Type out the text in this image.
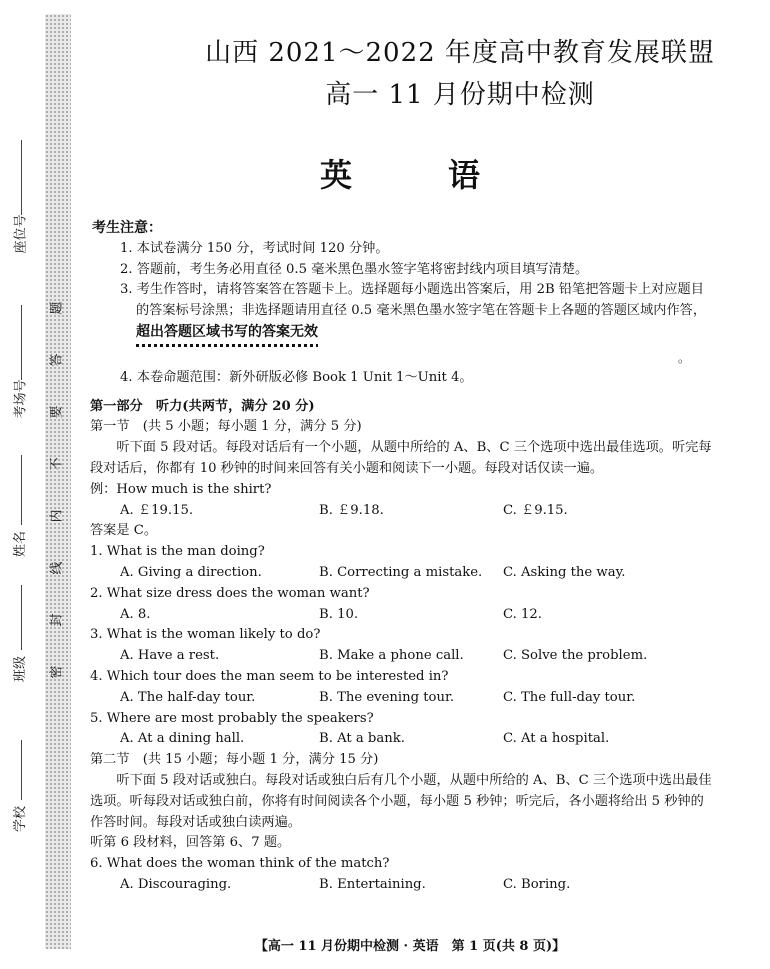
题
答
要
不
内
线
封
密
座位号
考场号
姓名
班级
学校
山西 2021～2022 年度高中教育发展联盟
高一 11 月份期中检测
英	语
考生注意：
1. 本试卷满分 150 分，考试时间 120 分钟。
2. 答题前，考生务必用直径 0.5 毫米黑色墨水签字笔将密封线内项目填写清楚。
3. 考生作答时，请将答案答在答题卡上。选择题每小题选出答案后，用 2B 铅笔把答题卡上对应题目的答案标号涂黑；非选择题请用直径 0.5 毫米黑色墨水签字笔在答题卡上各题的答题区域内作答，超出答题区域书写的答案无效
4. 本卷命题范围：新外研版必修 Book 1 Unit 1～Unit 4。
第一部分　听力(共两节，满分 20 分)
第一节　(共 5 小题；每小题 1 分，满分 5 分)
听下面 5 段对话。每段对话后有一个小题，从题中所给的 A、B、C 三个选项中选出最佳选项。听完每段对话后，你都有 10 秒钟的时间来回答有关小题和阅读下一小题。每段对话仅读一遍。
例：How much is the shirt?
A. ￡19.15.	B. ￡9.18.	C. ￡9.15.
答案是 C。
1. What is the man doing?
A. Giving a direction.	B. Correcting a mistake.	C. Asking the way.
2. What size dress does the woman want?
A. 8.	B. 10.	C. 12.
3. What is the woman likely to do?
A. Have a rest.	B. Make a phone call.	C. Solve the problem.
4. Which tour does the man seem to be interested in?
A. The half-day tour.	B. The evening tour.	C. The full-day tour.
5. Where are most probably the speakers?
A. At a dining hall.	B. At a bank.	C. At a hospital.
第二节　(共 15 小题；每小题 1 分，满分 15 分)
听下面 5 段对话或独白。每段对话或独白后有几个小题，从题中所给的 A、B、C 三个选项中选出最佳选项。听每段对话或独白前，你将有时间阅读各个小题，每小题 5 秒钟；听完后，各小题将给出 5 秒钟的作答时间。每段对话或独白读两遍。
听第 6 段材料，回答第 6、7 题。
6. What does the woman think of the match?
A. Discouraging.	B. Entertaining.	C. Boring.
。
【高一 11 月份期中检测 · 英语　第 1 页(共 8 页)】
